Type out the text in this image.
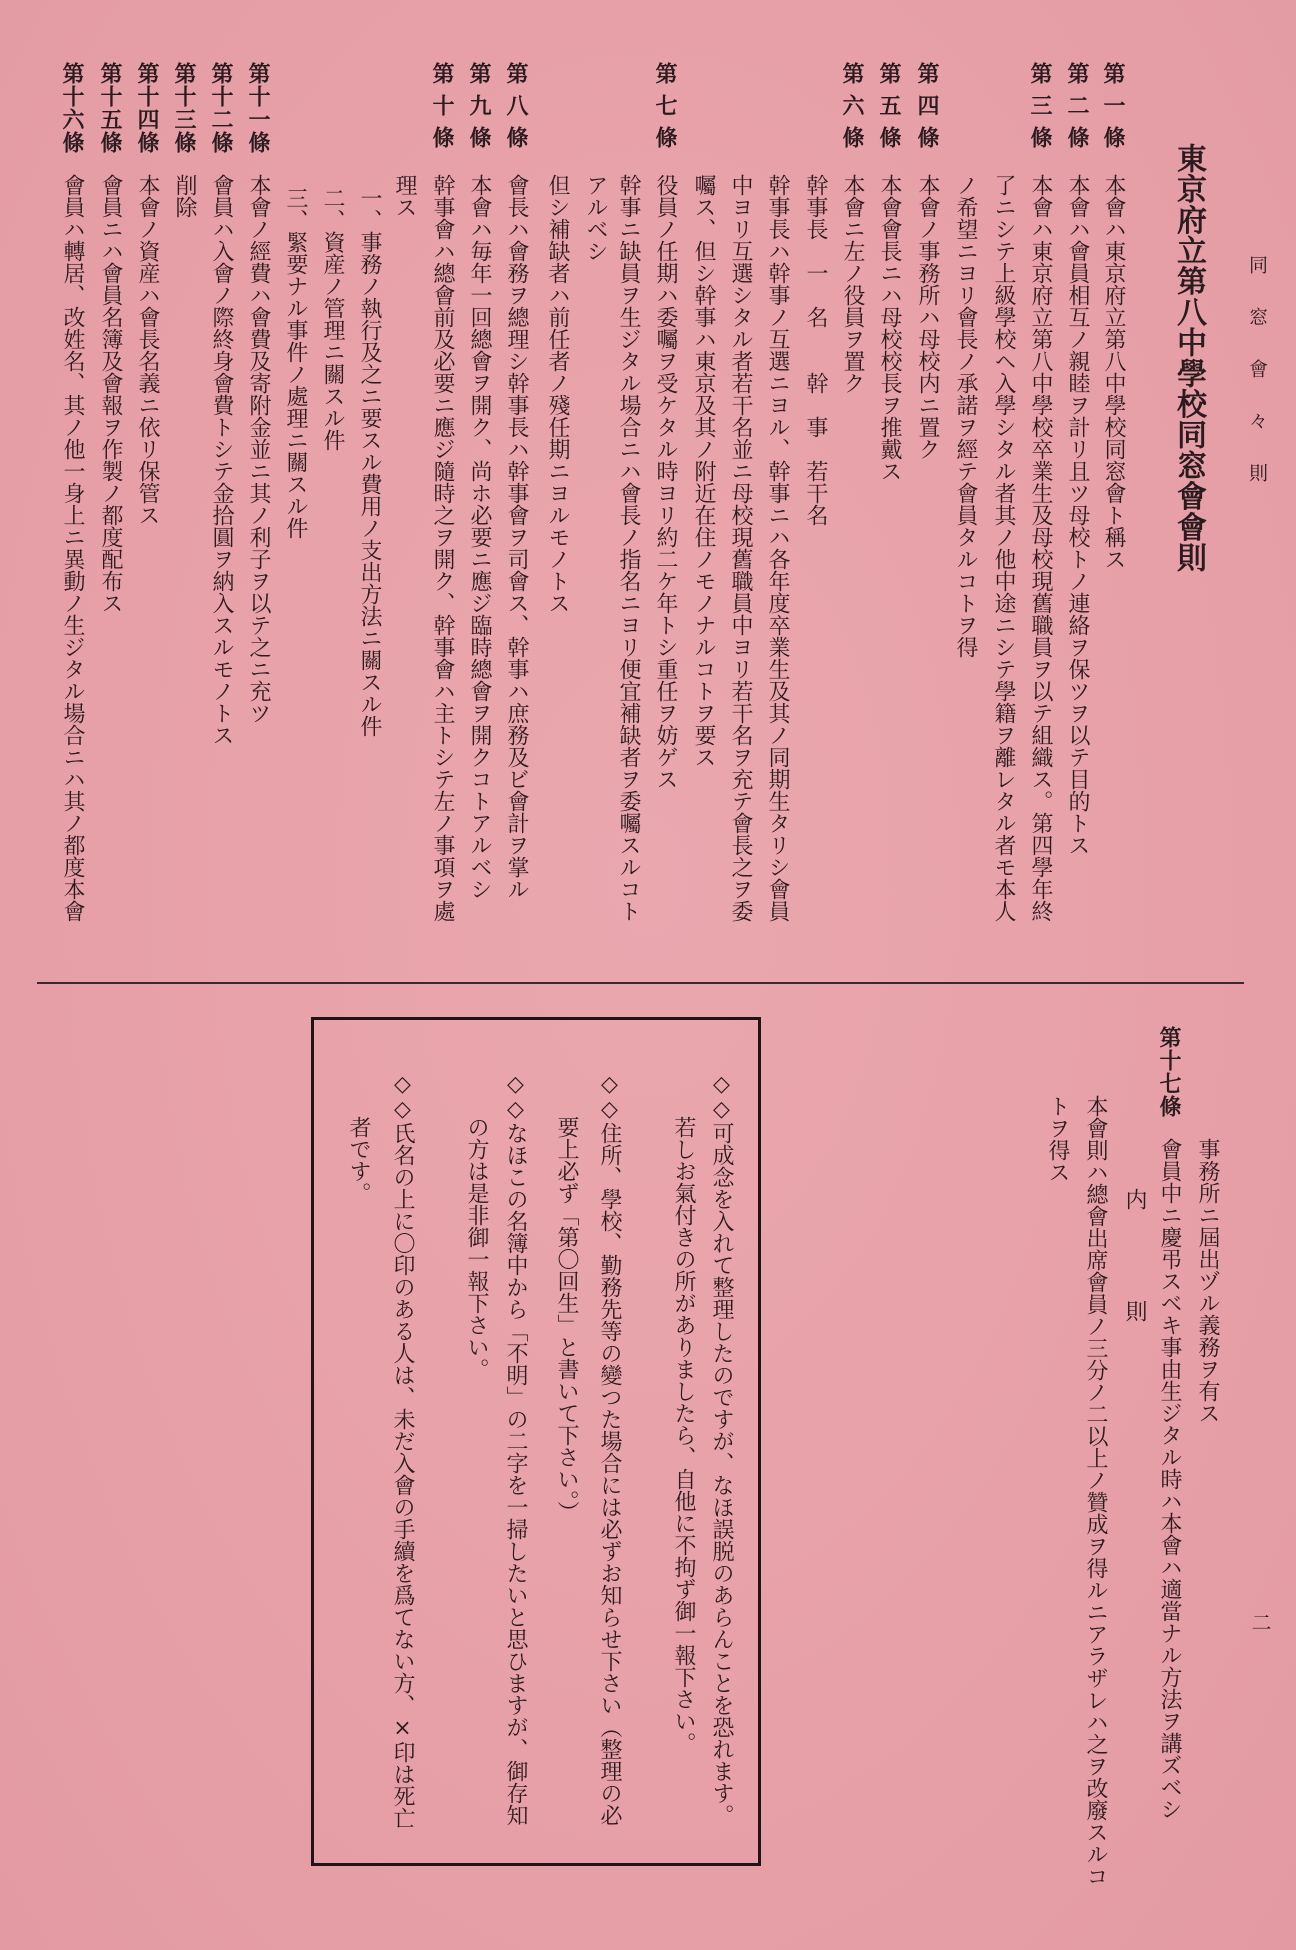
同窓會々則
二
東京府立第八中學校同窓會會則
第一條
本會ハ東京府立第八中學校同窓會ト稱ス
第二條
本會ハ會員相互ノ親睦ヲ計リ且ツ母校トノ連絡ヲ保ツヲ以テ目的トス
第三條
本會ハ東京府立第八中學校卒業生及母校現舊職員ヲ以テ組織ス。第四學年終
了ニシテ上級學校ヘ入學シタル者其ノ他中途ニシテ學籍ヲ離レタル者モ本人
ノ希望ニヨリ會長ノ承諾ヲ經テ會員タルコトヲ得
第四條
本會ノ事務所ハ母校内ニ置ク
第五條
本會會長ニハ母校校長ヲ推戴ス
第六條
本會ニ左ノ役員ヲ置ク
幹事長　一　名　　幹　事　若干名
幹事長ハ幹事ノ互選ニヨル、幹事ニハ各年度卒業生及其ノ同期生タリシ會員
中ヨリ互選シタル者若干名並ニ母校現舊職員中ヨリ若干名ヲ充テ會長之ヲ委
囑ス、但シ幹事ハ東京及其ノ附近在住ノモノナルコトヲ要ス
第七條
役員ノ任期ハ委囑ヲ受ケタル時ヨリ約二ケ年トシ重任ヲ妨ゲス
幹事ニ缺員ヲ生ジタル場合ニハ會長ノ指名ニヨリ便宜補缺者ヲ委囑スルコト
アルベシ
但シ補缺者ハ前任者ノ殘任期ニヨルモノトス
第八條
會長ハ會務ヲ總理シ幹事長ハ幹事會ヲ司會ス、幹事ハ庶務及ビ會計ヲ掌ル
第九條
本會ハ毎年一回總會ヲ開ク、尚ホ必要ニ應ジ臨時總會ヲ開クコトアルベシ
第十條
幹事會ハ總會前及必要ニ應ジ隨時之ヲ開ク、幹事會ハ主トシテ左ノ事項ヲ處
理ス
一、事務ノ執行及之ニ要スル費用ノ支出方法ニ關スル件
二、資産ノ管理ニ關スル件
三、緊要ナル事件ノ處理ニ關スル件
第十一條
本會ノ經費ハ會費及寄附金並ニ其ノ利子ヲ以テ之ニ充ツ
第十二條
會員ハ入會ノ際終身會費トシテ金拾圓ヲ納入スルモノトス
第十三條
削除
第十四條
本會ノ資産ハ會長名義ニ依リ保管ス
第十五條
會員ニハ會員名簿及會報ヲ作製ノ都度配布ス
第十六條
會員ハ轉居、改姓名、其ノ他一身上ニ異動ノ生ジタル場合ニハ其ノ都度本會
事務所ニ屆出ヅル義務ヲ有ス
第十七條
會員中ニ慶弔スベキ事由生ジタル時ハ本會ハ適當ナル方法ヲ講ズベシ
内則
本會則ハ總會出席會員ノ三分ノ二以上ノ贊成ヲ得ルニアラザレハ之ヲ改廢スルコ
トヲ得ス
◇◇可成念を入れて整理したのですが、なほ誤脱のあらんことを恐れます。
若しお氣付きの所がありましたら、自他に不拘ず御一報下さい。
◇◇住所、學校、勤務先等の變つた場合には必ずお知らせ下さい（整理の必
要上必ず「第〇回生」と書いて下さい。）
◇◇なほこの名簿中から「不明」の二字を一掃したいと思ひますが、御存知
の方は是非御一報下さい。
◇◇氏名の上に〇印のある人は、未だ入會の手續を爲てない方、×印は死亡
者です。
